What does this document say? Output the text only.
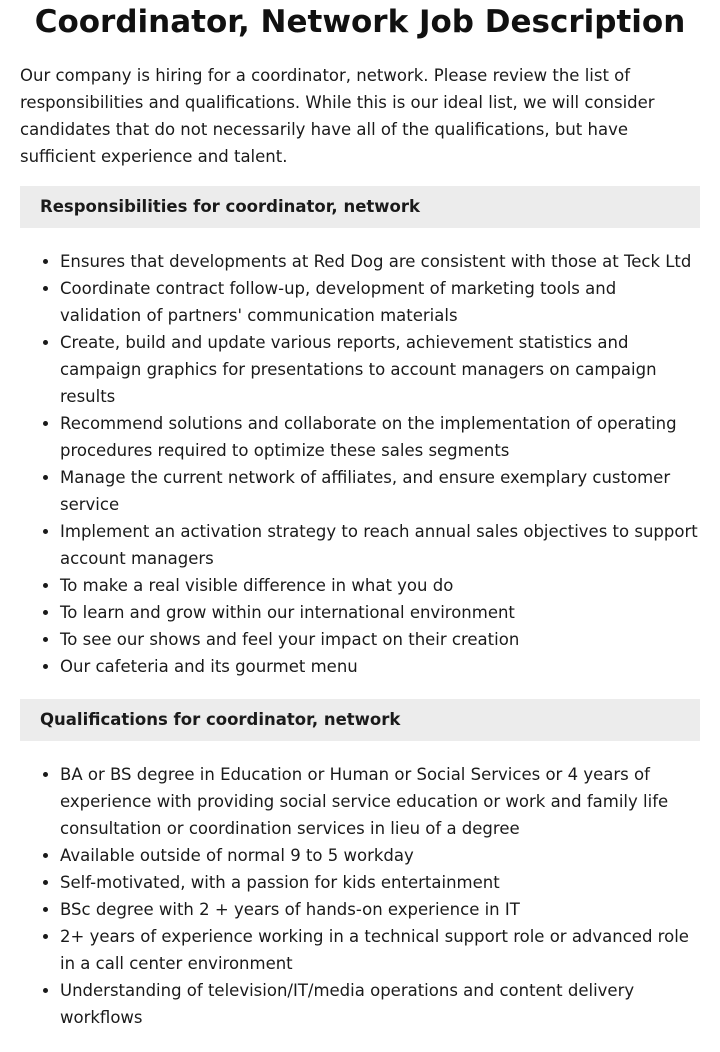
Coordinator, Network Job Description

Our company is hiring for a coordinator, network. Please review the list of responsibilities and qualifications. While this is our ideal list, we will consider candidates that do not necessarily have all of the qualifications, but have sufficient experience and talent.

Responsibilities for coordinator, network
• Ensures that developments at Red Dog are consistent with those at Teck Ltd
• Coordinate contract follow-up, development of marketing tools and validation of partners' communication materials
• Create, build and update various reports, achievement statistics and campaign graphics for presentations to account managers on campaign results
• Recommend solutions and collaborate on the implementation of operating procedures required to optimize these sales segments
• Manage the current network of affiliates, and ensure exemplary customer service
• Implement an activation strategy to reach annual sales objectives to support account managers
• To make a real visible difference in what you do
• To learn and grow within our international environment
• To see our shows and feel your impact on their creation
• Our cafeteria and its gourmet menu
Qualifications for coordinator, network
• BA or BS degree in Education or Human or Social Services or 4 years of experience with providing social service education or work and family life consultation or coordination services in lieu of a degree
• Available outside of normal 9 to 5 workday
• Self-motivated, with a passion for kids entertainment
• BSc degree with 2 + years of hands-on experience in IT
• 2+ years of experience working in a technical support role or advanced role in a call center environment
• Understanding of television/IT/media operations and content delivery workflows
